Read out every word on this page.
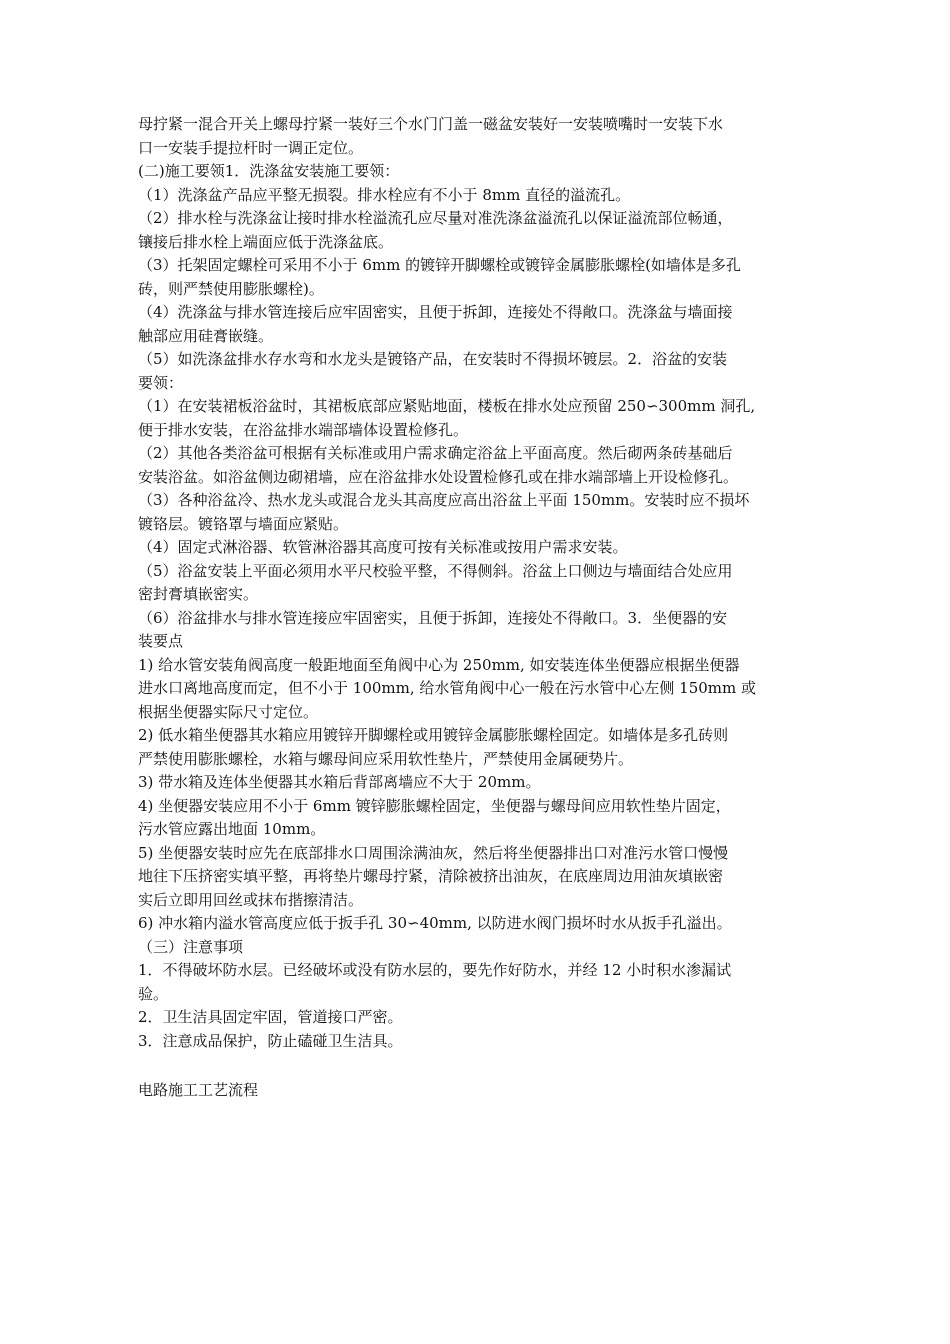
母拧紧一混合开关上螺母拧紧一装好三个水门门盖一磁盆安装好一安装喷嘴时一安装下水
口一安装手提拉杆时一调正定位。
(二)施工要领1．洗涤盆安装施工要领：
（1）洗涤盆产品应平整无损裂。排水栓应有不小于 8mm 直径的溢流孔。
（2）排水栓与洗涤盆让接时排水栓溢流孔应尽量对准洗涤盆溢流孔以保证溢流部位畅通，
镶接后排水栓上端面应低于洗涤盆底。
（3）托架固定螺栓可采用不小于 6mm 的镀锌开脚螺栓或镀锌金属膨胀螺栓(如墙体是多孔
砖，则严禁使用膨胀螺栓)。
（4）洗涤盆与排水管连接后应牢固密实，且便于拆卸，连接处不得敞口。洗涤盆与墙面接
触部应用硅膏嵌缝。
（5）如洗涤盆排水存水弯和水龙头是镀铬产品，在安装时不得损坏镀层。2．浴盆的安装
要领：
（1）在安装裙板浴盆时，其裙板底部应紧贴地面，楼板在排水处应预留 250∽300mm 洞孔,
便于排水安装，在浴盆排水端部墙体设置检修孔。
（2）其他各类浴盆可根据有关标准或用户需求确定浴盆上平面高度。然后砌两条砖基础后
安装浴盆。如浴盆侧边砌裙墙，应在浴盆排水处设置检修孔或在排水端部墙上开设检修孔。
（3）各种浴盆冷、热水龙头或混合龙头其高度应高出浴盆上平面 150mm。安装时应不损坏
镀铬层。镀铬罩与墙面应紧贴。
（4）固定式淋浴器、软管淋浴器其高度可按有关标准或按用户需求安装。
（5）浴盆安装上平面必须用水平尺校验平整，不得侧斜。浴盆上口侧边与墙面结合处应用
密封膏填嵌密实。
（6）浴盆排水与排水管连接应牢固密实，且便于拆卸，连接处不得敞口。3．坐便器的安
装要点
1) 给水管安装角阀高度一般距地面至角阀中心为 250mm, 如安装连体坐便器应根据坐便器
进水口离地高度而定，但不小于 100mm, 给水管角阀中心一般在污水管中心左侧 150mm 或
根据坐便器实际尺寸定位。
2) 低水箱坐便器其水箱应用镀锌开脚螺栓或用镀锌金属膨胀螺栓固定。如墙体是多孔砖则
严禁使用膨胀螺栓，水箱与螺母间应采用软性垫片，严禁使用金属硬势片。
3) 带水箱及连体坐便器其水箱后背部离墙应不大于 20mm。
4) 坐便器安装应用不小于 6mm 镀锌膨胀螺栓固定，坐便器与螺母间应用软性垫片固定，
污水管应露出地面 10mm。
5) 坐便器安装时应先在底部排水口周围涂满油灰，然后将坐便器排出口对准污水管口慢慢
地往下压挤密实填平整，再将垫片螺母拧紧，清除被挤出油灰，在底座周边用油灰填嵌密
实后立即用回丝或抹布揩擦清洁。
6) 冲水箱内溢水管高度应低于扳手孔 30∽40mm, 以防进水阀门损坏时水从扳手孔溢出。
（三）注意事项
1．不得破坏防水层。已经破坏或没有防水层的，要先作好防水，并经 12 小时积水渗漏试
验。
2．卫生洁具固定牢固，管道接口严密。
3．注意成品保护，防止磕碰卫生洁具。
电路施工工艺流程
